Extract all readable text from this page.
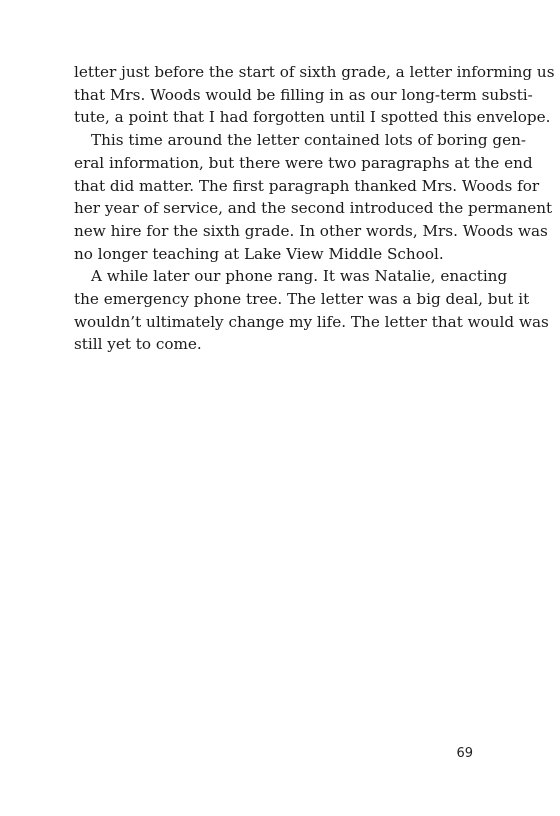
letter just before the start of sixth grade, a letter informing us
that Mrs. Woods would be filling in as our long-term substi-
tute, a point that I had forgotten until I spotted this envelope.

This time around the letter contained lots of boring gen-
eral information, but there were two paragraphs at the end
that did matter. The first paragraph thanked Mrs. Woods for
her year of service, and the second introduced the permanent
new hire for the sixth grade. In other words, Mrs. Woods was
no longer teaching at Lake View Middle School.

A while later our phone rang. It was Natalie, enacting
the emergency phone tree. The letter was a big deal, but it
wouldn’t ultimately change my life. The letter that would was
still yet to come.

69
